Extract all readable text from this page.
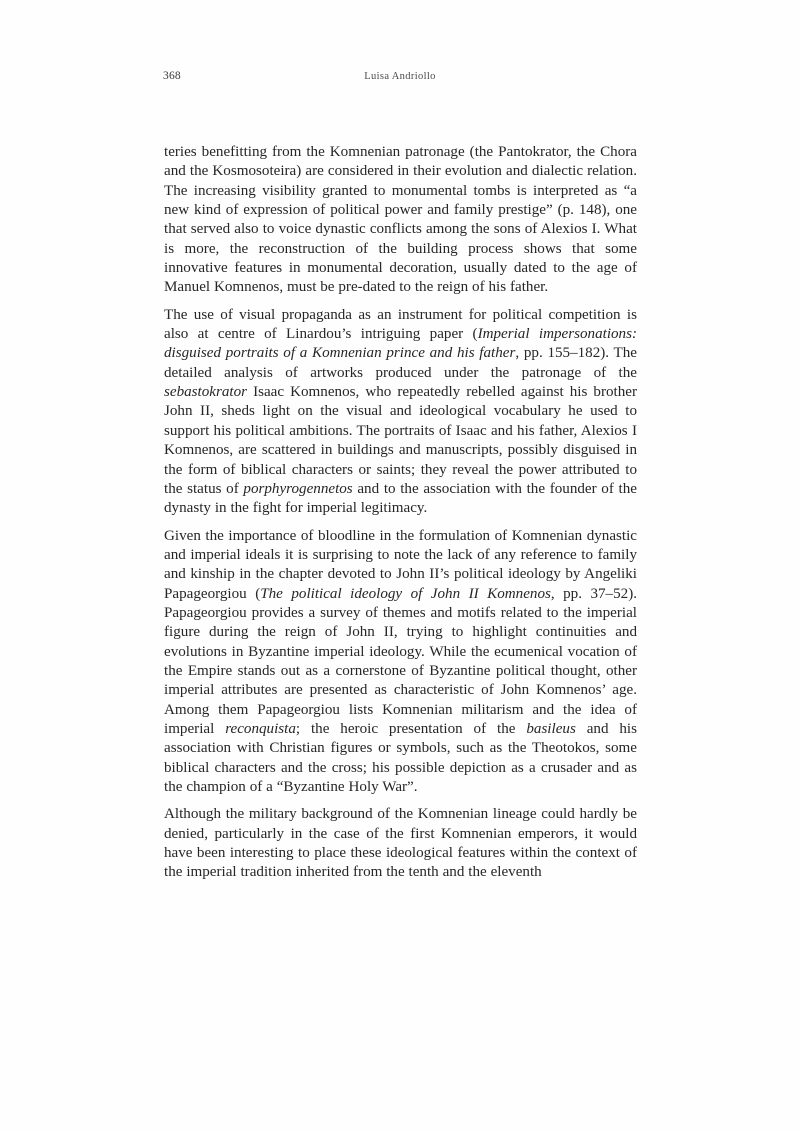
368	Luisa Andriollo

teries benefitting from the Komnenian patronage (the Pantokrator, the Chora and the Kosmosoteira) are considered in their evolution and dialectic relation. The increasing visibility granted to monumental tombs is interpreted as “a new kind of expression of political power and family prestige” (p. 148), one that served also to voice dynastic conflicts among the sons of Alexios I. What is more, the reconstruction of the building process shows that some innovative features in monumental decoration, usually dated to the age of Manuel Komnenos, must be pre-dated to the reign of his father.

The use of visual propaganda as an instrument for political competition is also at centre of Linardou’s intriguing paper (Imperial impersonations: disguised portraits of a Komnenian prince and his father, pp. 155–182). The detailed analysis of artworks produced under the patronage of the sebastokrator Isaac Komnenos, who repeatedly rebelled against his brother John II, sheds light on the visual and ideological vocabulary he used to support his political ambitions. The portraits of Isaac and his father, Alexios I Komnenos, are scattered in buildings and manuscripts, possibly disguised in the form of biblical characters or saints; they reveal the power attributed to the status of porphyrogennetos and to the association with the founder of the dynasty in the fight for imperial legitimacy.

Given the importance of bloodline in the formulation of Komnenian dynastic and imperial ideals it is surprising to note the lack of any reference to family and kinship in the chapter devoted to John II’s political ideology by Angeliki Papageorgiou (The political ideology of John II Komnenos, pp. 37–52). Papageorgiou provides a survey of themes and motifs related to the imperial figure during the reign of John II, trying to highlight continuities and evolutions in Byzantine imperial ideology. While the ecumenical vocation of the Empire stands out as a cornerstone of Byzantine political thought, other imperial attributes are presented as characteristic of John Komnenos’ age. Among them Papageorgiou lists Komnenian militarism and the idea of imperial reconquista; the heroic presentation of the basileus and his association with Christian figures or symbols, such as the Theotokos, some biblical characters and the cross; his possible depiction as a crusader and as the champion of a “Byzantine Holy War”.

Although the military background of the Komnenian lineage could hardly be denied, particularly in the case of the first Komnenian emperors, it would have been interesting to place these ideological features within the context of the imperial tradition inherited from the tenth and the eleventh
